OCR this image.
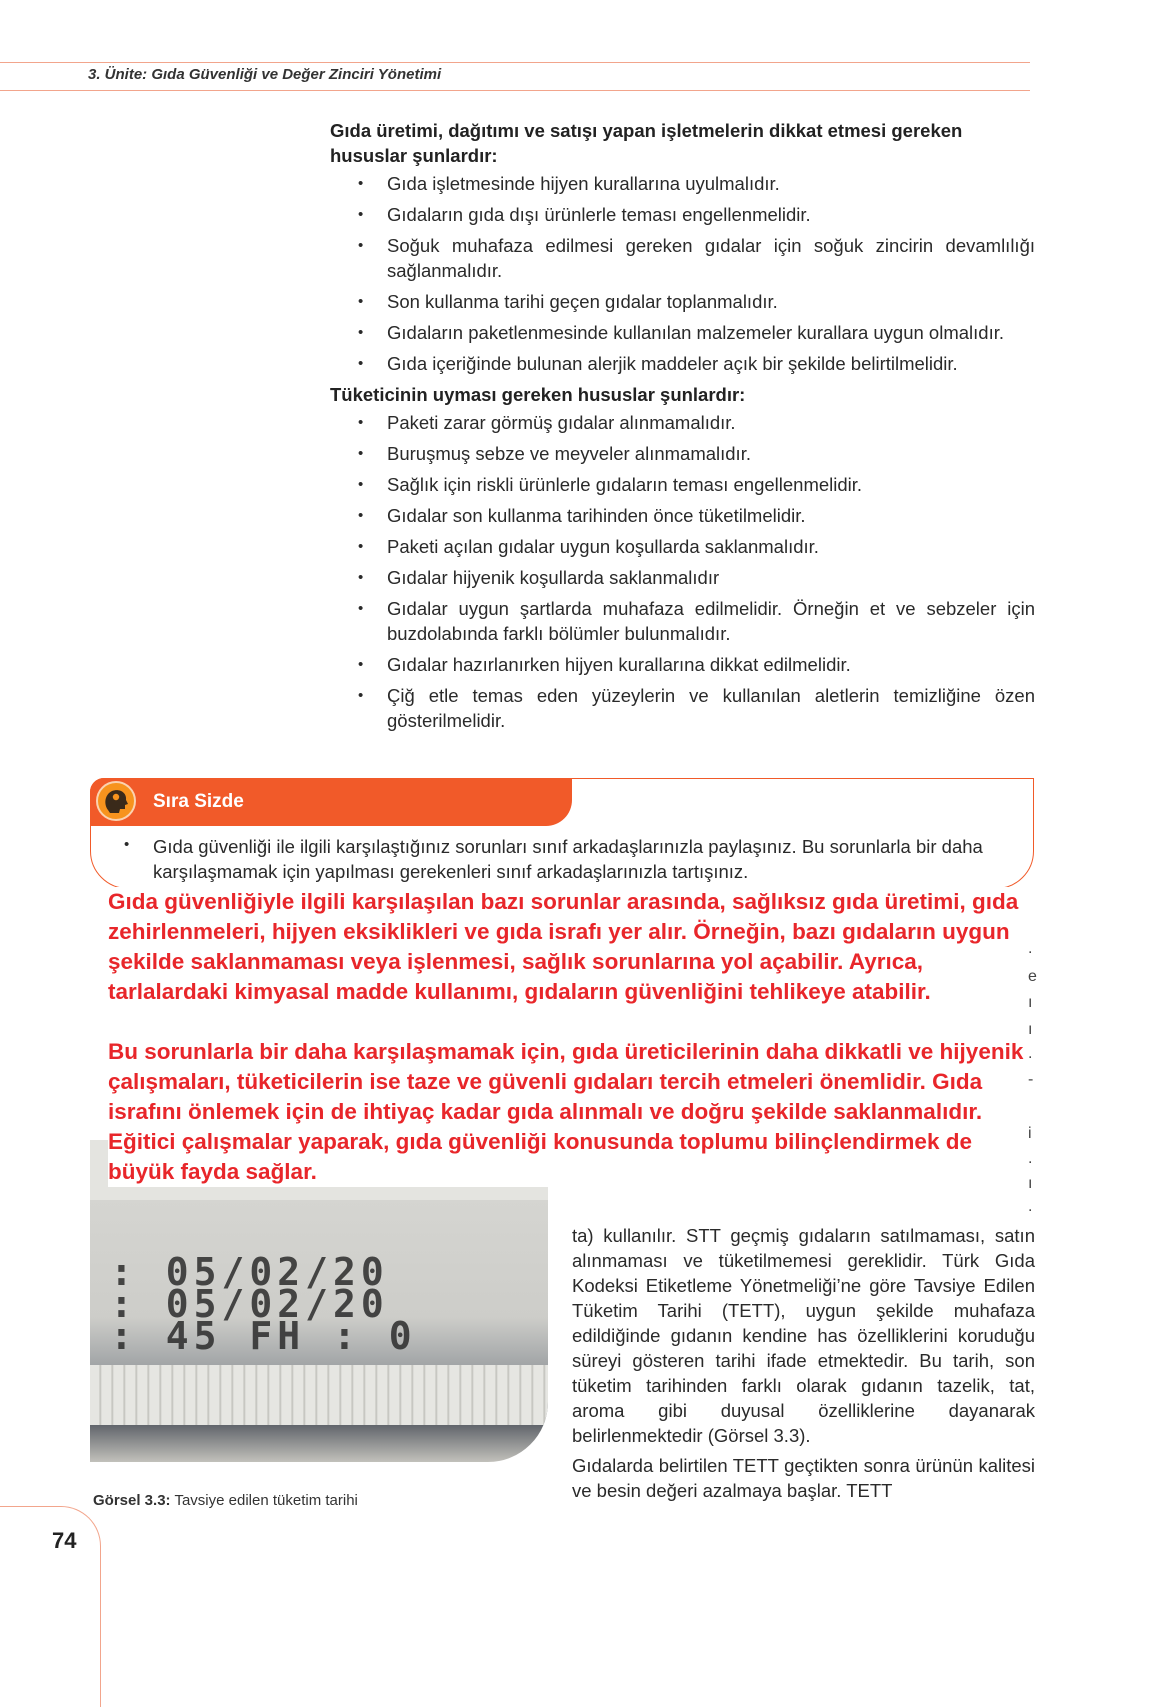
3. Ünite: Gıda Güvenliği ve Değer Zinciri Yönetimi
Gıda üretimi, dağıtımı ve satışı yapan işletmelerin dikkat etmesi gereken hususlar şunlardır:
• Gıda işletmesinde hijyen kurallarına uyulmalıdır.
• Gıdaların gıda dışı ürünlerle teması engellenmelidir.
• Soğuk muhafaza edilmesi gereken gıdalar için soğuk zincirin devamlılığı sağlanmalıdır.
• Son kullanma tarihi geçen gıdalar toplanmalıdır.
• Gıdaların paketlenmesinde kullanılan malzemeler kurallara uygun olmalıdır.
• Gıda içeriğinde bulunan alerjik maddeler açık bir şekilde belirtilmelidir.
Tüketicinin uyması gereken hususlar şunlardır:
• Paketi zarar görmüş gıdalar alınmamalıdır.
• Buruşmuş sebze ve meyveler alınmamalıdır.
• Sağlık için riskli ürünlerle gıdaların teması engellenmelidir.
• Gıdalar son kullanma tarihinden önce tüketilmelidir.
• Paketi açılan gıdalar uygun koşullarda saklanmalıdır.
• Gıdalar hijyenik koşullarda saklanmalıdır
• Gıdalar uygun şartlarda muhafaza edilmelidir. Örneğin et ve sebzeler için buzdolabında farklı bölümler bulunmalıdır.
• Gıdalar hazırlanırken hijyen kurallarına dikkat edilmelidir.
• Çiğ etle temas eden yüzeylerin ve kullanılan aletlerin temizliğine özen gösterilmelidir.
Sıra Sizde
• Gıda güvenliği ile ilgili karşılaştığınız sorunları sınıf arkadaşlarınızla paylaşınız. Bu sorunlarla bir daha karşılaşmamak için yapılması gerekenleri sınıf arkadaşlarınızla tartışınız.
.
e
ı
ı
.
-
i
.
ı
.
: 05/02/20
: 05/02/20
: 45 FH : 0
Görsel 3.3: Tavsiye edilen tüketim tarihi

ta) kullanılır. STT geçmiş gıdaların satılmaması, satın alınmaması ve tüketilmemesi gereklidir. Türk Gıda Kodeksi Etiketleme Yönetmeliği’ne göre Tavsiye Edilen Tüketim Tarihi (TETT), uygun şekilde muhafaza edildiğinde gıdanın kendine has özelliklerini koruduğu süreyi gösteren tarihi ifade etmektedir. Bu tarih, son tüketim tarihinden farklı olarak gıdanın tazelik, tat, aroma gibi duyusal özelliklerine dayanarak belirlenmektedir (Görsel 3.3).

Gıdalarda belirtilen TETT geçtikten sonra ürünün kalitesi ve besin değeri azalmaya başlar. TETT

Gıda güvenliğiyle ilgili karşılaşılan bazı sorunlar arasında, sağlıksız gıda üretimi, gıda zehirlenmeleri, hijyen eksiklikleri ve gıda israfı yer alır. Örneğin, bazı gıdaların uygun şekilde saklanmaması veya işlenmesi, sağlık sorunlarına yol açabilir. Ayrıca, tarlalardaki kimyasal madde kullanımı, gıdaların güvenliğini tehlikeye atabilir.

Bu sorunlarla bir daha karşılaşmamak için, gıda üreticilerinin daha dikkatli ve hijyenik çalışmaları, tüketicilerin ise taze ve güvenli gıdaları tercih etmeleri önemlidir. Gıda israfını önlemek için de ihtiyaç kadar gıda alınmalı ve doğru şekilde saklanmalıdır. Eğitici çalışmalar yaparak, gıda güvenliği konusunda toplumu bilinçlendirmek de büyük fayda sağlar.

74
